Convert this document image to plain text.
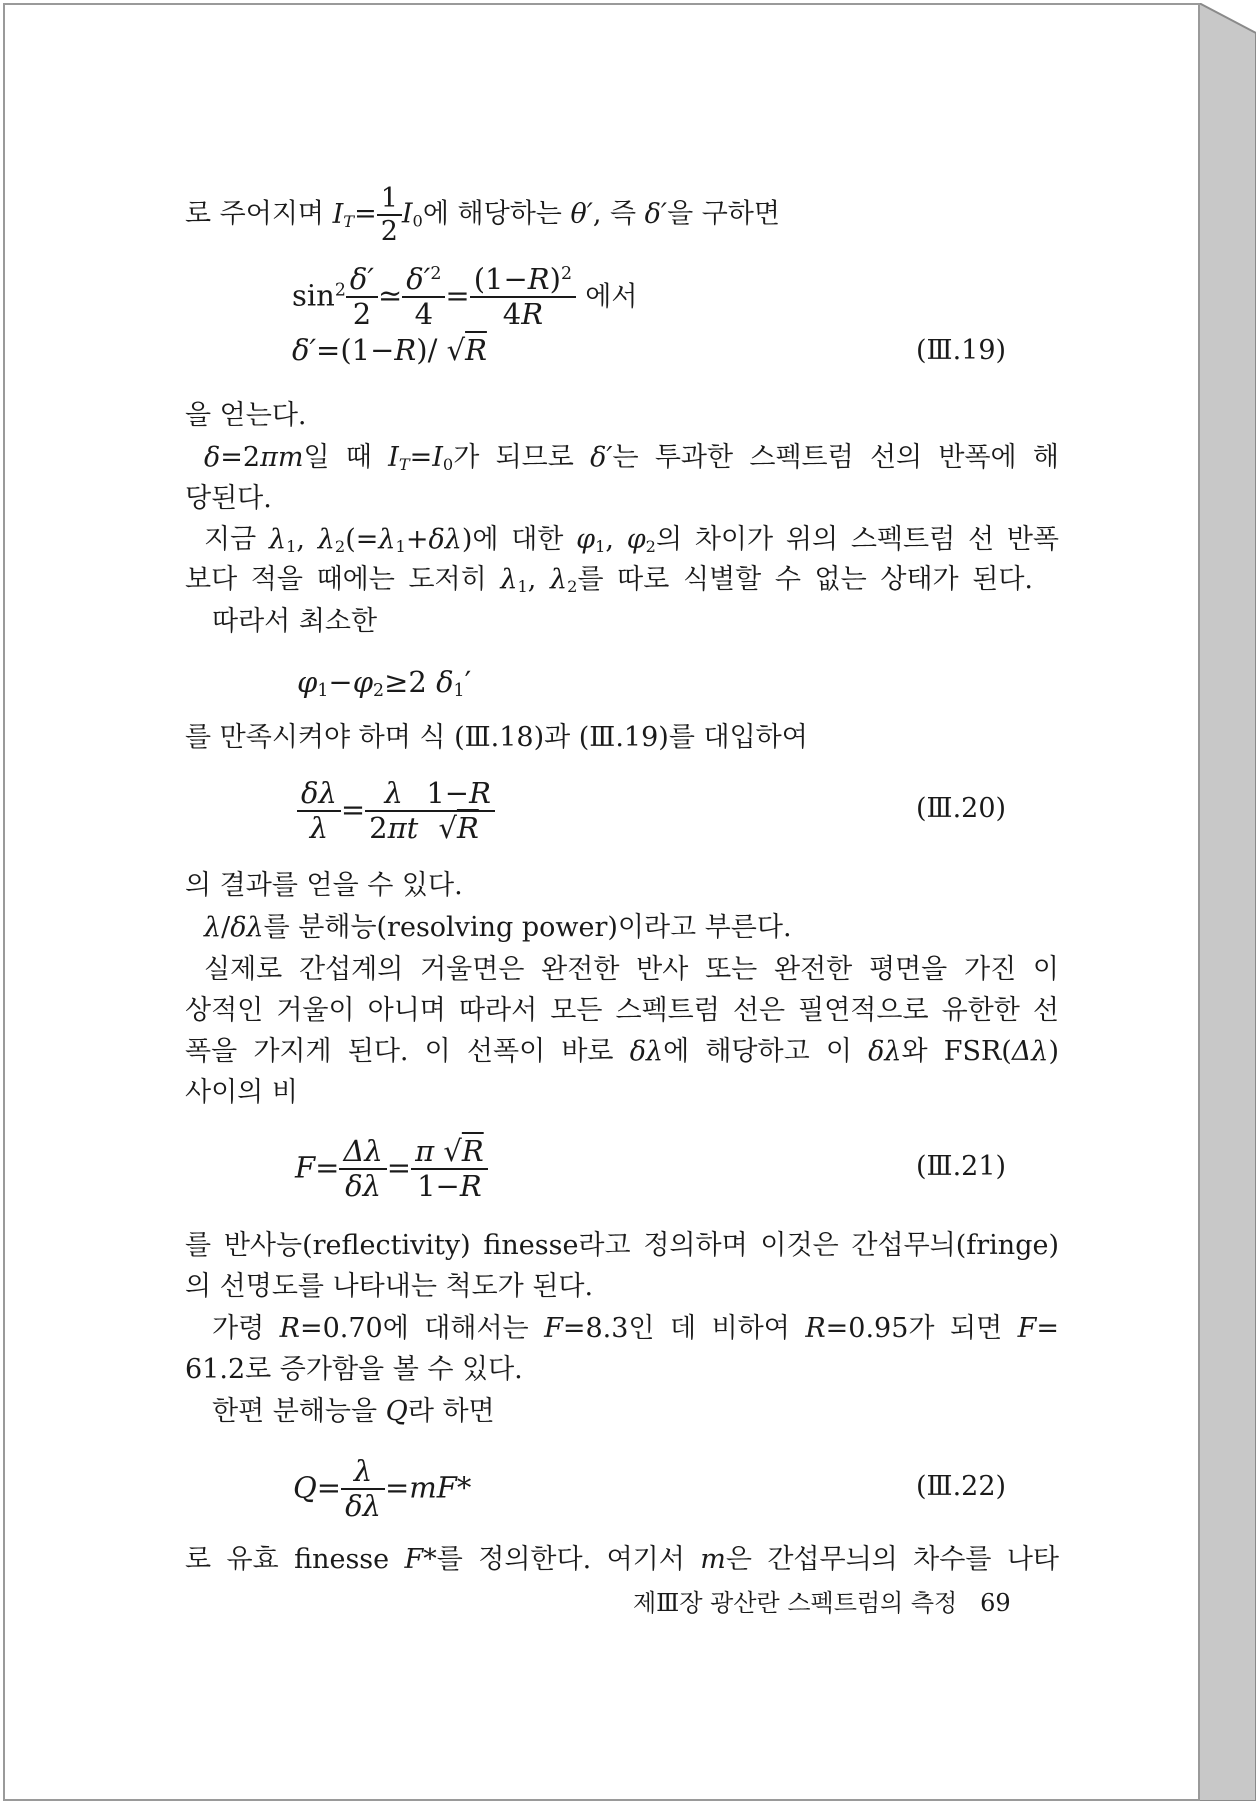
로 주어지며 $I_T= \frac{1}{2} I_0$에 해당하는 θ′, 즉 δ′을 구하면
$\sin^2 \frac{\delta'}{2}$ ≃ $\frac{\delta'^2}{4} = \frac{(1-R)^2}{4R}$ 에서
δ′=(1−R)/ √R	(Ⅲ.19)
을 얻는다.
δ=2πm일 때 $I_T=I_0$가 되므로 δ′는 투과한 스펙트럼 선의 반폭에 해
당된다.
지금 $\lambda_1$, $\lambda_2(=\lambda_1+\delta\lambda)$에 대한 $\varphi_1$, $\varphi_2$의 차이가 위의 스펙트럼 선 반폭
보다 적을 때에는 도저히 $\lambda_1$, $\lambda_2$를 따로 식별할 수 없는 상태가 된다.
따라서 최소한
$\varphi_1-\varphi_2\ge 2$ $\delta_1'$
를 만족시켜야 하며 식 (Ⅲ.18)과 (Ⅲ.19)를 대입하여
$\frac{\delta\lambda}{\lambda} = \frac{\lambda}{2\pi t} \frac{1-R}{√R}$	(Ⅲ.20)
의 결과를 얻을 수 있다.
λ/δλ를 분해능(resolving power)이라고 부른다.
실제로 간섭계의 거울면은 완전한 반사 또는 완전한 평면을 가진 이
상적인 거울이 아니며 따라서 모든 스펙트럼 선은 필연적으로 유한한 선
폭을 가지게 된다. 이 선폭이 바로 δλ에 해당하고 이 δλ와 FSR(Δλ)
사이의 비
$F= \frac{\Delta\lambda}{\delta\lambda} = \frac{\pi √R}{1-R}$	(Ⅲ.21)
를 반사능(reflectivity) finesse라고 정의하며 이것은 간섭무늬(fringe)
의 선명도를 나타내는 척도가 된다.
가령 R=0.70에 대해서는 F=8.3인 데 비하여 R=0.95가 되면 F=
61.2로 증가함을 볼 수 있다.
한편 분해능을 Q라 하면
$Q= \frac{\lambda}{\delta\lambda} =mF*$	(Ⅲ.22)
로 유효 finesse F*를 정의한다. 여기서 m은 간섭무늬의 차수를 나타
제Ⅲ장 광산란 스펙트럼의 측정 69
